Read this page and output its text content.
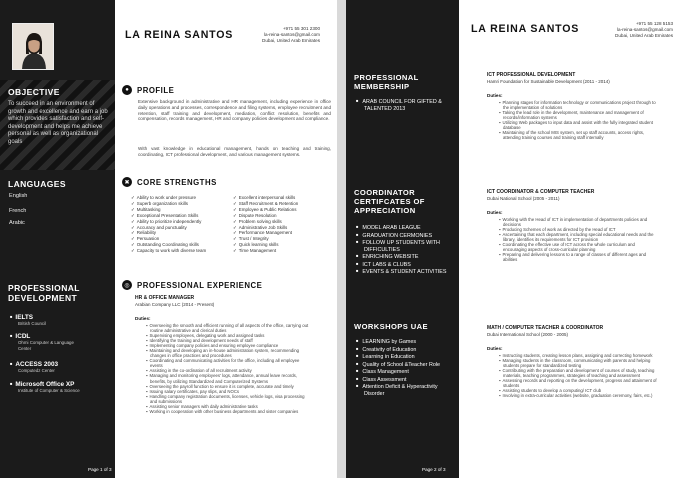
OBJECTIVE
To succeed in an environment of growth and excellence and earn a job which provides satisfaction and self-development and helps me achieve personal as well as organizational goals
LANGUAGES
English
French
Arabic
PROFESSIONAL
DEVELOPMENT
■ IELTS
British Council
■ ICDL
Ohmi Computer & Language
Center
■ ACCESS 2003
Computedz Center
■ Microsoft Office XP
Institute of Computer & Science
Page 1 of 3
LA REINA SANTOS
+971 55 301 2300
la-reina-santos@gmail.com
Dubai, United Arab Emirates
●	PROFILE
Extensive background in administrative and HR management, including experience in office daily operations and processes, correspondence and filing systems, employee recruitment and retention, staff training and development, mediation, conflict resolution, benefits and compensation, records management, HR and company policies development and compliance.
With vast knowledge in educational management, hands on teaching and training, coordinating, ICT professional development, and various management systems.
✖ CORE STRENGTHS
✓ Ability to work under pressure
✓ Superb organization skills
✓ Multitasking
✓ Exceptional Presentation Skills
✓ Ability to prioritize independently
✓ Accuracy and punctuality
✓ Reliability
✓ Persuasion
✓ Outstanding Coordinating skills
✓ Capacity to work with diverse team
✓ Excellent interpersonal skills
✓ Staff Recruitment & Retention
✓ Employee & Public Relations
✓ Dispute Resolution
✓ Problem solving skills
✓ Administrative Job Skills
✓ Performance Management
✓ Trust / Integrity
✓ Quick learning skills
✓ Time Management
◎ PROFESSIONAL EXPERIENCE
HR & OFFICE MANAGER
Arabian Company LLC (2014 - Present)
Duties:
▪ Overseeing the smooth and efficient running of all aspects of the office, carrying out routine administrative and clerical duties
▪ Supervising employees, delegating work and assigned tasks
▪ Identifying the training and development needs of staff
▪ Implementing company policies and ensuring employee compliance
▪ Maintaining and developing an in-house administration system, recommending changes in office practices and procedures
▪ Coordinating and communicating activities for the office, including all employee events
▪ Assisting in the co-ordination of all recruitment activity
▪ Managing and monitoring employees' logs, attendance, annual leave records, benefits, by utilizing Standardized and Computerized Systems
▪ Overseeing the payroll function to ensure it is complete, accurate and timely
▪ Issuing salary certificates, pay slips, and NOCs
▪ Handling company registration documents, licenses, vehicle logs, visa processing and submissions
▪ Assisting senior managers with daily administrative tasks
▪ Working in cooperation with other business departments and sister companies
PROFESSIONAL
MEMBERSHIP
■ ARAB COUNCIL FOR GIFTED & TALENTED 2013
COORDINATOR
CERTIFCATES OF
APPRECIATION
■ MODEL ARAB LEAGUE
■ GRADUATION CERMONIES
■ FOLLOW UP STUDENTS WITH DIFFICULTIES
■ ENRICHING WEBSITE
■ ICT LABS & CLUBS
■ EVENTS & STUDENT ACTIVITIES
WORKSHOPS UAE
■ LEARNING by Games
■ Creativity of Education
■ Learning in Education
■ Quality of School &Teacher Role
■ Class Management
■ Class Assessment
■ Attention Deficit & Hyperactivity Disorder
Page 2 of 3
LA REINA SANTOS	+971 55 128 5153
la-reina-santos@gmail.com
Dubai, United Arab Emirates
ICT PROFESSIONAL DEVELOPMENT
Hamri Foundation for Sustainable Development (2011 - 2014)
Duties:
▪ Planning stages for information technology or communications project through to the implementation of solutions
▪ Taking the lead role in the development, maintenance and management of records/information systems
▪ Utilizing Web packages to input data and assist with the fully integrated student database
▪ Maintaining of the school MIS system, set up staff accounts, access rights, attending training courses and training staff internally
ICT COORDINATOR & COMPUTER TEACHER
Dubai National School (2005 - 2011)
Duties:
▪ Working with the Head of ICT in implementation of departments policies and decisions
▪ Producing Schemes of work as directed by the Head of ICT
▪ Ascertaining that each department, including special educational needs and the library, identifies its requirements for ICT provision
▪ Coordinating the effective use of ICT across the whole curriculum and encouraging aspects of cross-curricular planning
▪ Preparing and delivering lessons to a range of classes of different ages and abilities
MATH / COMPUTER TEACHER & COORDINATOR
Dubai International School (2000 - 2005)
Duties:
▪ Instructing students, creating lesson plans, assigning and correcting homework
▪ Managing students in the classroom, communicating with parents and helping students prepare for standardized testing
▪ Contributing with the preparation and development of courses of study, teaching materials, teaching programmes, strategies of teaching and assessment
▪ Assessing records and reporting on the development, progress and attainment of students
▪ Assisting students to develop a computing/ ICT club
▪ Involving in extra-curricular activities (website, graduation ceremony, fairs, etc.)
